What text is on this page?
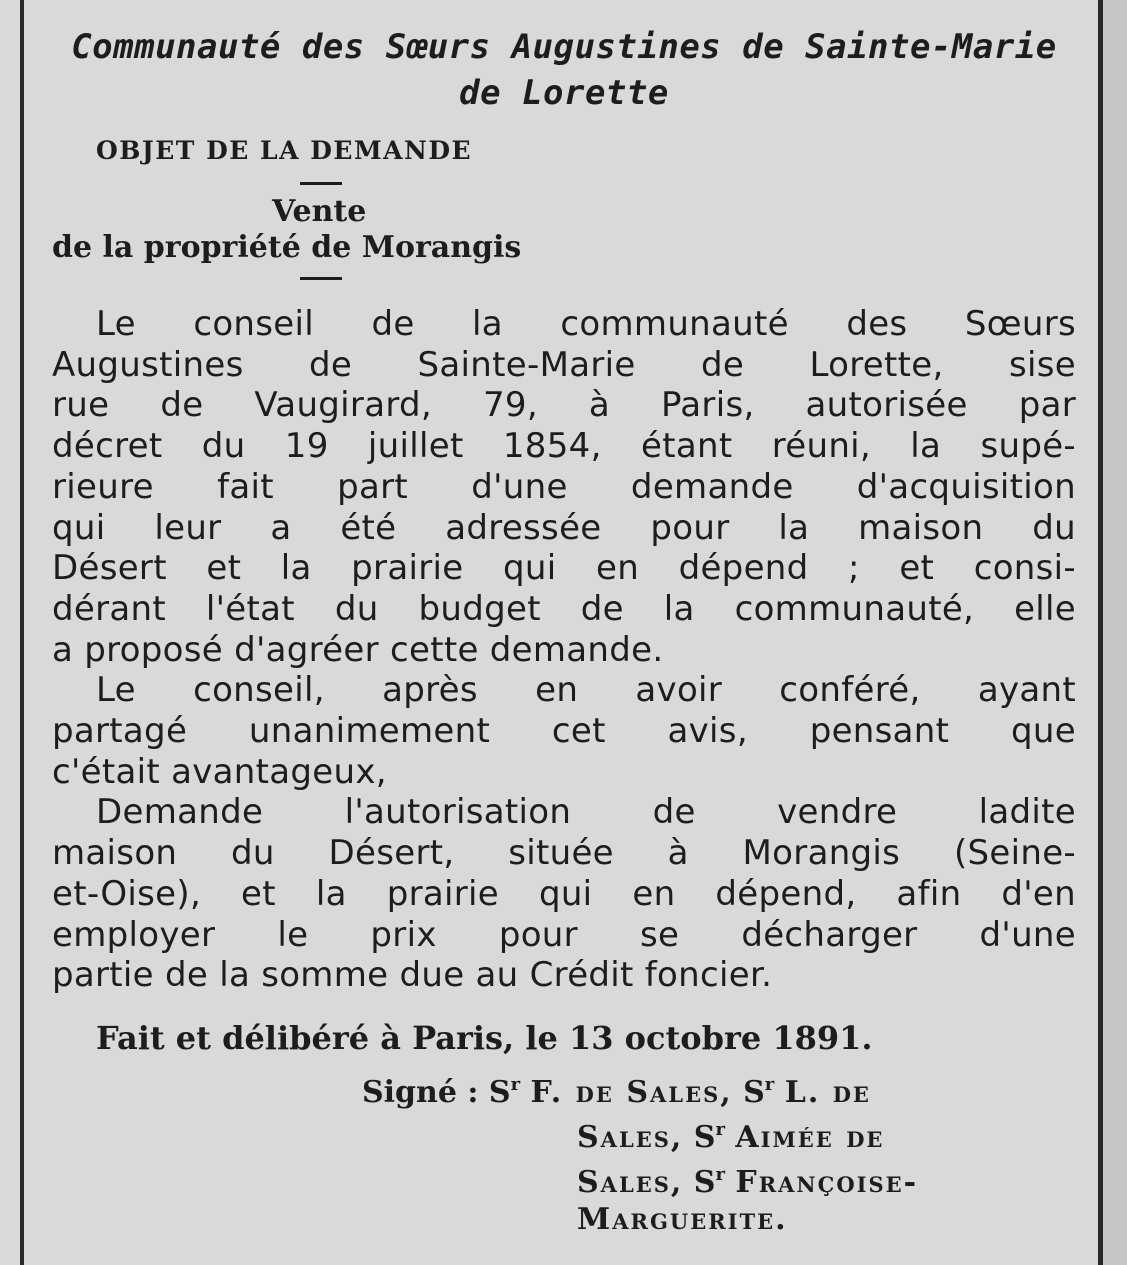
Communauté des Sœurs Augustines de Sainte-Marie
de Lorette
OBJET DE LA DEMANDE
Vente
de la propriété de Morangis
Le conseil de la communauté des Sœurs
Augustines de Sainte-Marie de Lorette, sise
rue de Vaugirard, 79, à Paris, autorisée par
décret du 19 juillet 1854, étant réuni, la supé-
rieure fait part d'une demande d'acquisition
qui leur a été adressée pour la maison du
Désert et la prairie qui en dépend ; et consi-
dérant l'état du budget de la communauté, elle
a proposé d'agréer cette demande.
Le conseil, après en avoir conféré, ayant
partagé unanimement cet avis, pensant que
c'était avantageux,
Demande l'autorisation de vendre ladite
maison du Désert, située à Morangis (Seine-
et-Oise), et la prairie qui en dépend, afin d'en
employer le prix pour se décharger d'une
partie de la somme due au Crédit foncier.
Fait et délibéré à Paris, le 13 octobre 1891.
Signé : $S^r$ F. de Sales, $S^r$ L. de
Sales, $S^r$ Aimée de
Sales, $S^r$ Françoise-
Marguerite.
